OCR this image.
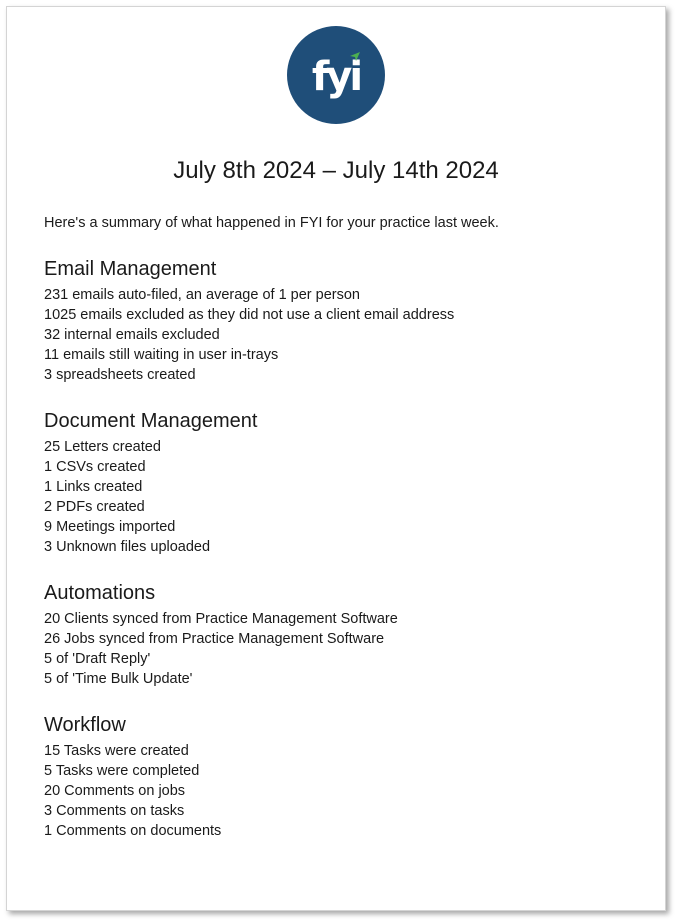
fyi
July 8th 2024 – July 14th 2024

Here's a summary of what happened in FYI for your practice last week.

Email Management

231 emails auto-filed, an average of 1 per person

1025 emails excluded as they did not use a client email address

32 internal emails excluded

11 emails still waiting in user in-trays

3 spreadsheets created

Document Management

25 Letters created

1 CSVs created

1 Links created

2 PDFs created

9 Meetings imported

3 Unknown files uploaded

Automations

20 Clients synced from Practice Management Software

26 Jobs synced from Practice Management Software

5 of 'Draft Reply'

5 of 'Time Bulk Update'

Workflow

15 Tasks were created

5 Tasks were completed

20 Comments on jobs

3 Comments on tasks

1 Comments on documents
